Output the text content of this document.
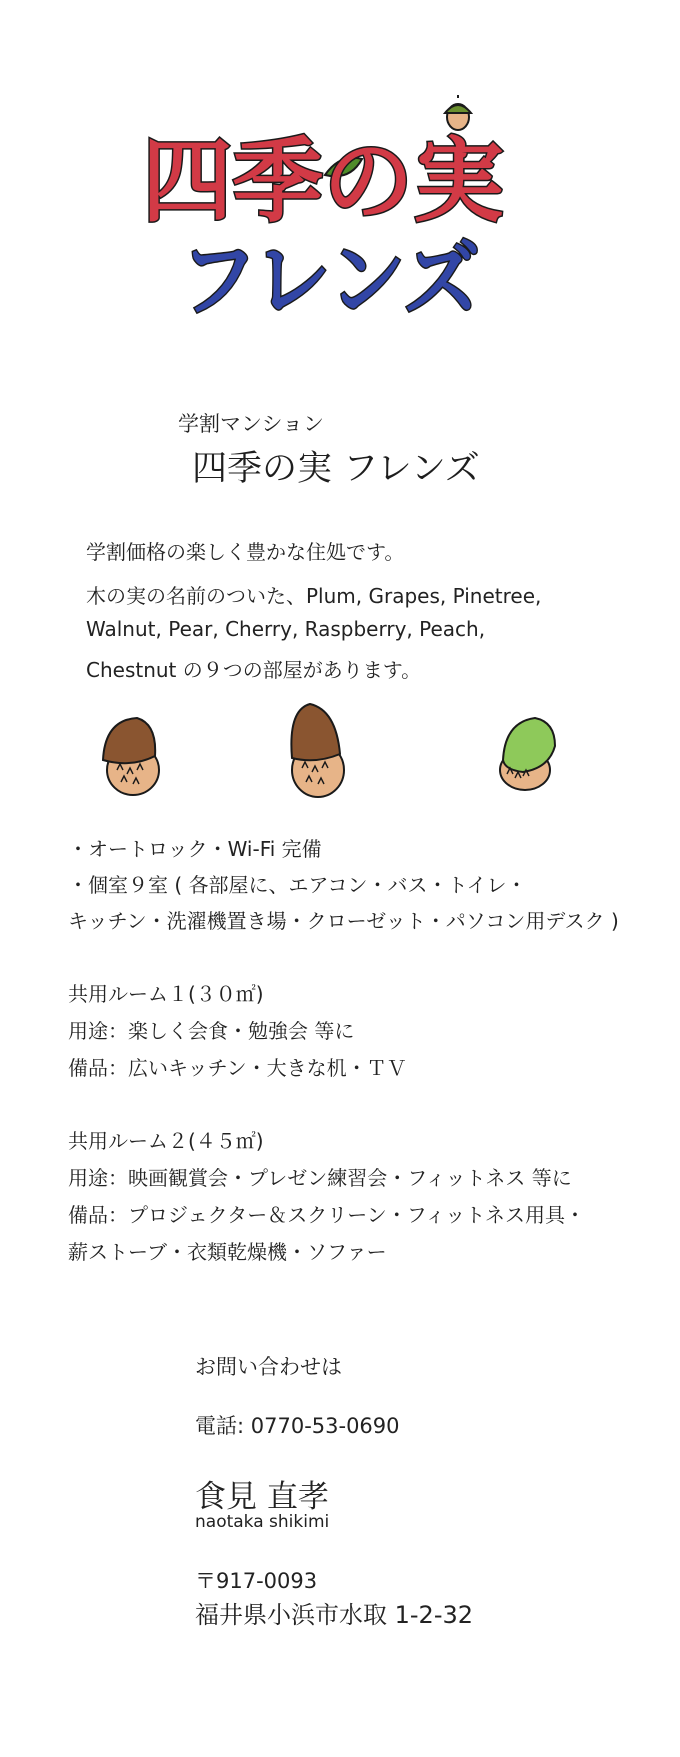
四季の実
フレンズ
学割マンション
四季の実 フレンズ
学割価格の楽しく豊かな住処です。
木の実の名前のついた、Plum, Grapes, Pinetree,
Walnut, Pear, Cherry, Raspberry, Peach,
Chestnut の９つの部屋があります。
・オートロック・Wi-Fi 完備
・個室９室 ( 各部屋に、エアコン・バス・トイレ・
キッチン・洗濯機置き場・クローゼット・パソコン用デスク )
共用ルーム１(３０㎡)
用途：楽しく会食・勉強会 等に
備品：広いキッチン・大きな机・ＴＶ
共用ルーム２(４５㎡)
用途：映画観賞会・プレゼン練習会・フィットネス 等に
備品：プロジェクター＆スクリーン・フィットネス用具・
薪ストーブ・衣類乾燥機・ソファー
お問い合わせは
電話: 0770-53-0690
食見 直孝
naotaka shikimi
〒917-0093
福井県小浜市水取 1-2-32
